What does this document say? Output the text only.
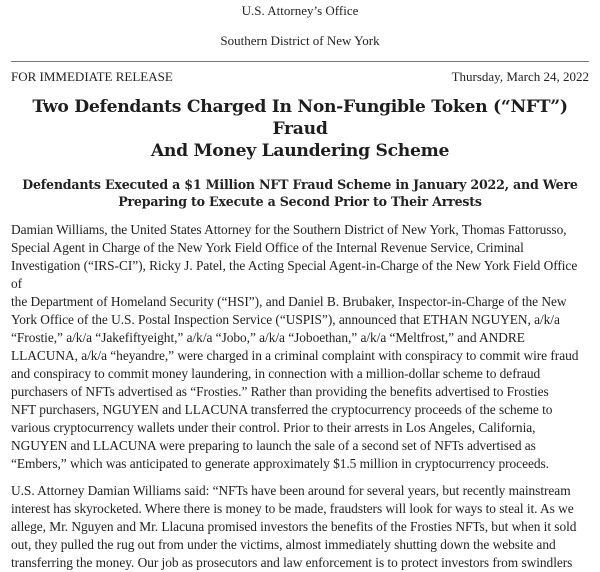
U.S. Attorney’s Office
Southern District of New York
FOR IMMEDIATE RELEASE	Thursday, March 24, 2022
Two Defendants Charged In Non-Fungible Token (“NFT”) Fraud
And Money Laundering Scheme
Defendants Executed a $1 Million NFT Fraud Scheme in January 2022, and Were
Preparing to Execute a Second Prior to Their Arrests
Damian Williams, the United States Attorney for the Southern District of New York, Thomas Fattorusso,
Special Agent in Charge of the New York Field Office of the Internal Revenue Service, Criminal
Investigation (“IRS-CI”), Ricky J. Patel, the Acting Special Agent-in-Charge of the New York Field Office of
the Department of Homeland Security (“HSI”), and Daniel B. Brubaker, Inspector-in-Charge of the New
York Office of the U.S. Postal Inspection Service (“USPIS”), announced that ETHAN NGUYEN, a/k/a
“Frostie,” a/k/a “Jakefiftyeight,” a/k/a “Jobo,” a/k/a “Joboethan,” a/k/a “Meltfrost,” and ANDRE
LLACUNA, a/k/a “heyandre,” were charged in a criminal complaint with conspiracy to commit wire fraud
and conspiracy to commit money laundering, in connection with a million-dollar scheme to defraud
purchasers of NFTs advertised as “Frosties.” Rather than providing the benefits advertised to Frosties
NFT purchasers, NGUYEN and LLACUNA transferred the cryptocurrency proceeds of the scheme to
various cryptocurrency wallets under their control. Prior to their arrests in Los Angeles, California,
NGUYEN and LLACUNA were preparing to launch the sale of a second set of NFTs advertised as
“Embers,” which was anticipated to generate approximately $1.5 million in cryptocurrency proceeds.
U.S. Attorney Damian Williams said: “NFTs have been around for several years, but recently mainstream
interest has skyrocketed. Where there is money to be made, fraudsters will look for ways to steal it. As we
allege, Mr. Nguyen and Mr. Llacuna promised investors the benefits of the Frosties NFTs, but when it sold
out, they pulled the rug out from under the victims, almost immediately shutting down the website and
transferring the money. Our job as prosecutors and law enforcement is to protect investors from swindlers
